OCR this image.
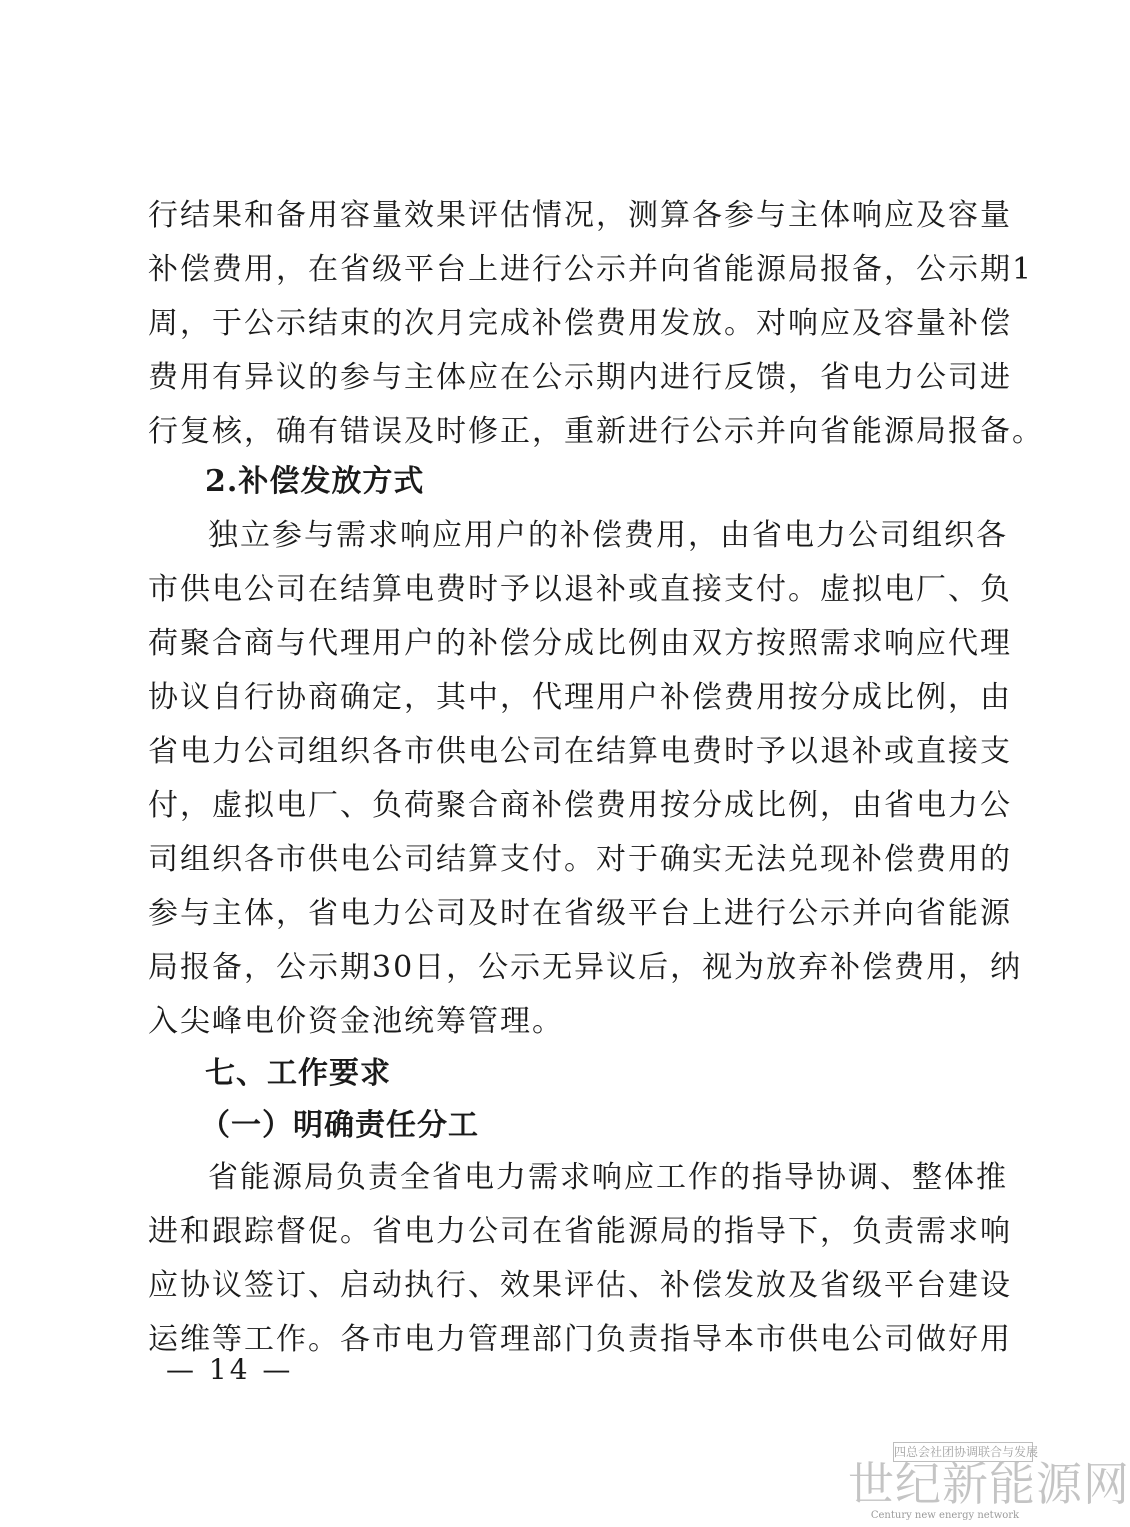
行结果和备用容量效果评估情况，测算各参与主体响应及容量
补偿费用，在省级平台上进行公示并向省能源局报备，公示期1
周，于公示结束的次月完成补偿费用发放。对响应及容量补偿
费用有异议的参与主体应在公示期内进行反馈，省电力公司进
行复核，确有错误及时修正，重新进行公示并向省能源局报备。
2.补偿发放方式
独立参与需求响应用户的补偿费用，由省电力公司组织各
市供电公司在结算电费时予以退补或直接支付。虚拟电厂、负
荷聚合商与代理用户的补偿分成比例由双方按照需求响应代理
协议自行协商确定，其中，代理用户补偿费用按分成比例，由
省电力公司组织各市供电公司在结算电费时予以退补或直接支
付，虚拟电厂、负荷聚合商补偿费用按分成比例，由省电力公
司组织各市供电公司结算支付。对于确实无法兑现补偿费用的
参与主体，省电力公司及时在省级平台上进行公示并向省能源
局报备，公示期30日，公示无异议后，视为放弃补偿费用，纳
入尖峰电价资金池统筹管理。
七、工作要求
（一）明确责任分工
省能源局负责全省电力需求响应工作的指导协调、整体推
进和跟踪督促。省电力公司在省能源局的指导下，负责需求响
应协议签订、启动执行、效果评估、补偿发放及省级平台建设
运维等工作。各市电力管理部门负责指导本市供电公司做好用
— 14 —
四总会社团协调联合与发展
世纪新能源网
Century new energy network
